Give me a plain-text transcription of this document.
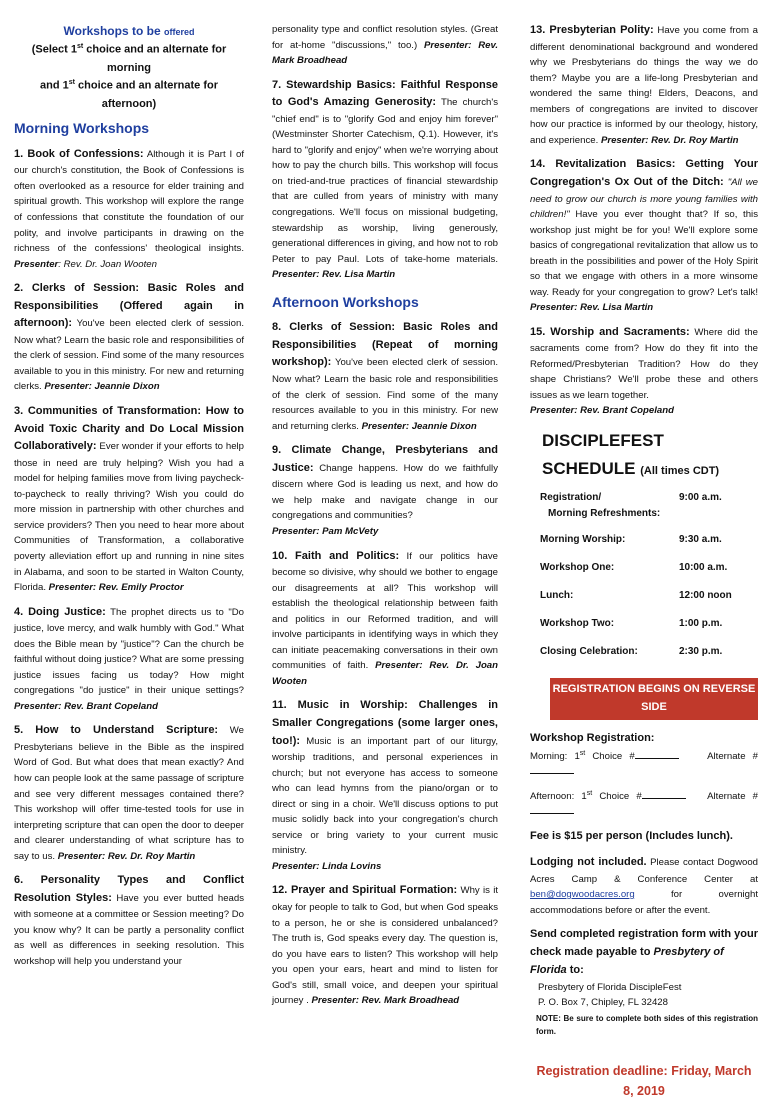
Workshops to be offered

(Select 1st choice and an alternate for morning
and 1st choice and an alternate for afternoon)

Morning Workshops

1. Book of Confessions: Although it is Part I of our church's constitution, the Book of Confessions is often overlooked as a resource for elder training and spiritual growth. This workshop will explore the range of confessions that constitute the foundation of our polity, and involve participants in drawing on the richness of the confessions' theological insights. Presenter: Rev. Dr. Joan Wooten

2. Clerks of Session: Basic Roles and Responsibilities (Offered again in afternoon): You've been elected clerk of session. Now what? Learn the basic role and responsibilities of the clerk of session. Find some of the many resources available to you in this ministry. For new and returning clerks. Presenter: Jeannie Dixon

3. Communities of Transformation: How to Avoid Toxic Charity and Do Local Mission Collaboratively: Ever wonder if your efforts to help those in need are truly helping? Wish you had a model for helping families move from living paycheck-to-paycheck to really thriving? Wish you could do more mission in partnership with other churches and service providers? Then you need to hear more about Communities of Transformation, a collaborative poverty alleviation effort up and running in nine sites in Alabama, and soon to be started in Walton County, Florida. Presenter: Rev. Emily Proctor

4. Doing Justice: The prophet directs us to "Do justice, love mercy, and walk humbly with God." What does the Bible mean by "justice"? Can the church be faithful without doing justice? What are some pressing justice issues facing us today? How might congregations "do justice" in their unique settings? Presenter: Rev. Brant Copeland

5. How to Understand Scripture: We Presbyterians believe in the Bible as the inspired Word of God. But what does that mean exactly? And how can people look at the same passage of scripture and see very different messages contained there? This workshop will offer time-tested tools for use in interpreting scripture that can open the door to deeper and clearer understanding of what scripture has to say to us. Presenter: Rev. Dr. Roy Martin

6. Personality Types and Conflict Resolution Styles: Have you ever butted heads with someone at a committee or Session meeting? Do you know why? It can be partly a personality conflict as well as differences in seeking resolution. This workshop will help you understand your

personality type and conflict resolution styles. (Great for at-home "discussions," too.) Presenter: Rev. Mark Broadhead

7. Stewardship Basics: Faithful Response to God's Amazing Generosity: The church's "chief end" is to "glorify God and enjoy him forever" (Westminster Shorter Catechism, Q.1). However, it's hard to "glorify and enjoy" when we're worrying about how to pay the church bills. This workshop will focus on tried-and-true practices of financial stewardship that are culled from years of ministry with many congregations. We'll focus on missional budgeting, stewardship as worship, living generously, generational differences in giving, and how not to rob Peter to pay Paul. Lots of take-home materials. Presenter: Rev. Lisa Martin

Afternoon Workshops

8. Clerks of Session: Basic Roles and Responsibilities (Repeat of morning workshop): You've been elected clerk of session. Now what? Learn the basic role and responsibilities of the clerk of session. Find some of the many resources available to you in this ministry. For new and returning clerks. Presenter: Jeannie Dixon

9. Climate Change, Presbyterians and Justice: Change happens. How do we faithfully discern where God is leading us next, and how do we help make and navigate change in our congregations and communities?
Presenter: Pam McVety

10. Faith and Politics: If our politics have become so divisive, why should we bother to engage our disagreements at all? This workshop will establish the theological relationship between faith and politics in our Reformed tradition, and will involve participants in identifying ways in which they can initiate peacemaking conversations in their own communities of faith. Presenter: Rev. Dr. Joan Wooten

11. Music in Worship: Challenges in Smaller Congregations (some larger ones, too!): Music is an important part of our liturgy, worship traditions, and personal experiences in church; but not everyone has access to someone who can lead hymns from the piano/organ or to direct or sing in a choir. We'll discuss options to put music solidly back into your congregation's church service or bring variety to your current music ministry.
Presenter: Linda Lovins

12. Prayer and Spiritual Formation: Why is it okay for people to talk to God, but when God speaks to a person, he or she is considered unbalanced? The truth is, God speaks every day. The question is, do you have ears to listen? This workshop will help you open your ears, heart and mind to listen for God's still, small voice, and deepen your spiritual journey . Presenter: Rev. Mark Broadhead

13. Presbyterian Polity: Have you come from a different denominational background and wondered why we Presbyterians do things the way we do them? Maybe you are a life-long Presbyterian and wondered the same thing! Elders, Deacons, and members of congregations are invited to discover how our practice is informed by our theology, history, and experience. Presenter: Rev. Dr. Roy Martin

14. Revitalization Basics: Getting Your Congregation's Ox Out of the Ditch: "All we need to grow our church is more young families with children!" Have you ever thought that? If so, this workshop just might be for you! We'll explore some basics of congregational revitalization that allow us to breath in the possibilities and power of the Holy Spirit so that we engage with others in a more winsome way. Ready for your congregation to grow? Let's talk! Presenter: Rev. Lisa Martin

15. Worship and Sacraments: Where did the sacraments come from? How do they fit into the Reformed/Presbyterian Tradition? How do they shape Christians? We'll probe these and others issues as we learn together.
Presenter: Rev. Brant Copeland

DISCIPLEFEST SCHEDULE (All times CDT)

Registration/
Morning Refreshments:	9:00 a.m.
Morning Worship:	9:30 a.m.
Workshop One:	10:00 a.m.
Lunch:	12:00 noon
Workshop Two:	1:00 p.m.
Closing Celebration:	2:30 p.m.
REGISTRATION BEGINS ON REVERSE SIDE

Workshop Registration:

Morning: 1st Choice #	Alternate #

Afternoon: 1st Choice #	Alternate #

Fee is $15 per person (Includes lunch).

Lodging not included. Please contact Dogwood Acres Camp & Conference Center at ben@dogwoodacres.org for overnight accommodations before or after the event.

Send completed registration form with your check made payable to Presbytery of Florida to:

Presbytery of Florida DiscipleFest

P. O. Box 7, Chipley, FL 32428

NOTE: Be sure to complete both sides of this registration form.

Registration deadline: Friday, March 8, 2019
